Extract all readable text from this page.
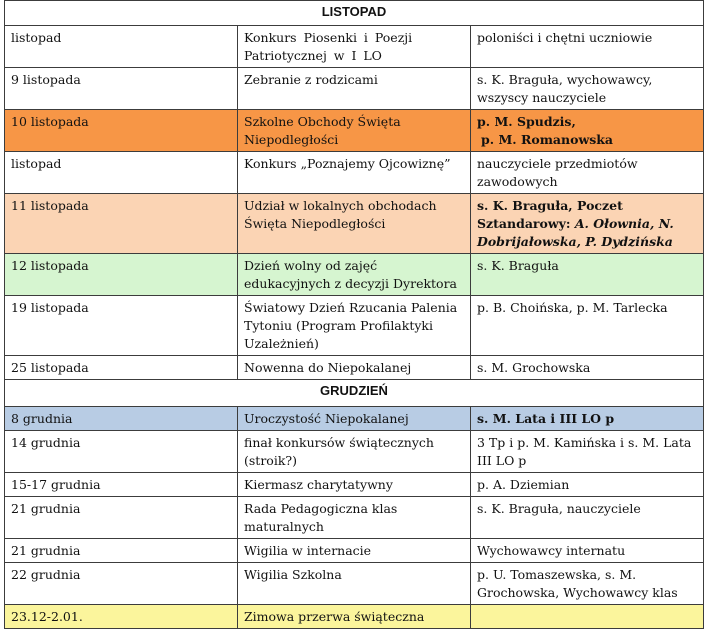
LISTOPAD		
listopad	Konkurs Piosenki i Poezji Patriotycznej w I LO	poloniści i chętni uczniowie
9 listopada	Zebranie z rodzicami	s. K. Braguła, wychowawcy, wszyscy nauczyciele
10 listopada	Szkolne Obchody Święta Niepodległości	p. M. Spudzis,
p. M. Romanowska
listopad	Konkurs „Poznajemy Ojcowiznę”	nauczyciele przedmiotów zawodowych
11 listopada	Udział w lokalnych obchodach Święta Niepodległości	s. K. Braguła, Poczet Sztandarowy: A. Ołownia, N. Dobrijałowska, P. Dydzińska
12 listopada	Dzień wolny od zajęć edukacyjnych z decyzji Dyrektora	s. K. Braguła
19 listopada	Światowy Dzień Rzucania Palenia Tytoniu (Program Profilaktyki Uzależnień)	p. B. Choińska, p. M. Tarlecka
25 listopada	Nowenna do Niepokalanej	s. M. Grochowska
GRUDZIEŃ		
8 grudnia	Uroczystość Niepokalanej	s. M. Lata i III LO p
14 grudnia	finał konkursów świątecznych (stroik?)	3 Tp i p. M. Kamińska i s. M. Lata III LO p
15-17 grudnia	Kiermasz charytatywny	p. A. Dziemian
21 grudnia	Rada Pedagogiczna klas maturalnych	s. K. Braguła, nauczyciele
21 grudnia	Wigilia w internacie	Wychowawcy internatu
22 grudnia	Wigilia Szkolna	p. U. Tomaszewska, s. M. Grochowska, Wychowawcy klas
23.12-2.01.	Zimowa przerwa świąteczna	
